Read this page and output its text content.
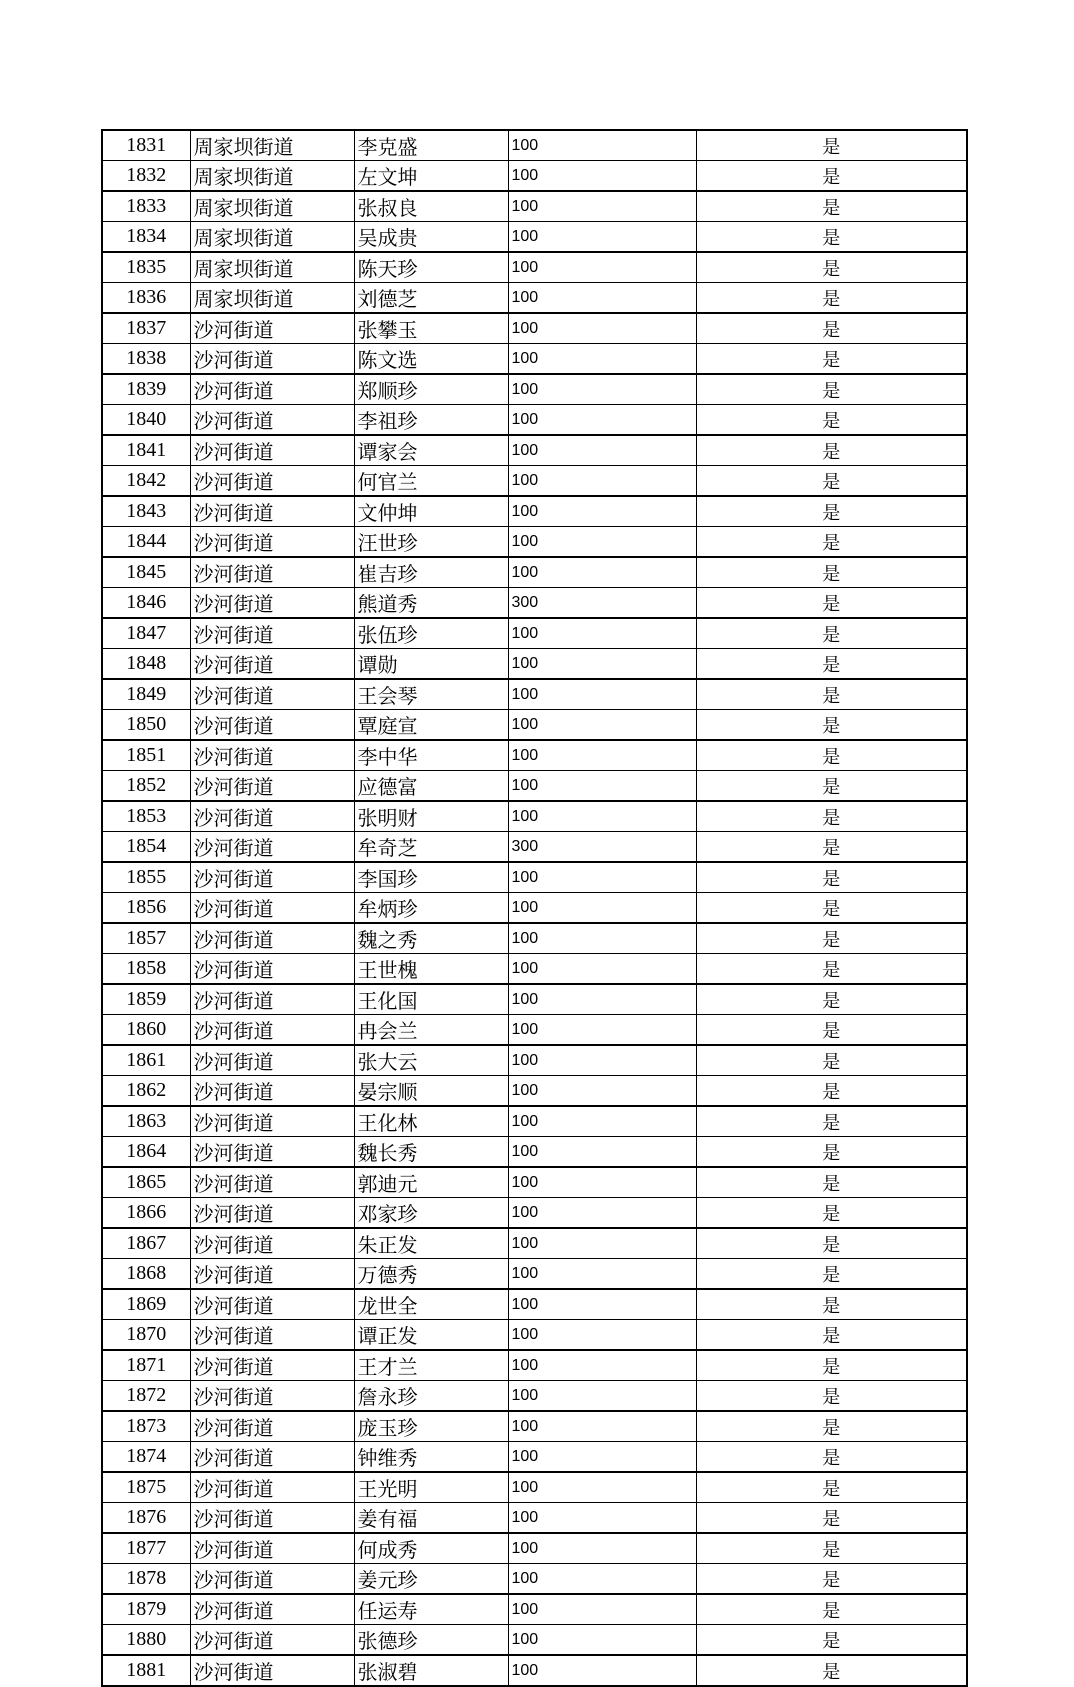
1831	周家坝街道	李克盛	100	是
1832	周家坝街道	左文坤	100	是
1833	周家坝街道	张叔良	100	是
1834	周家坝街道	吴成贵	100	是
1835	周家坝街道	陈天珍	100	是
1836	周家坝街道	刘德芝	100	是
1837	沙河街道	张攀玉	100	是
1838	沙河街道	陈文选	100	是
1839	沙河街道	郑顺珍	100	是
1840	沙河街道	李祖珍	100	是
1841	沙河街道	谭家会	100	是
1842	沙河街道	何官兰	100	是
1843	沙河街道	文仲坤	100	是
1844	沙河街道	汪世珍	100	是
1845	沙河街道	崔吉珍	100	是
1846	沙河街道	熊道秀	300	是
1847	沙河街道	张伍珍	100	是
1848	沙河街道	谭勋	100	是
1849	沙河街道	王会琴	100	是
1850	沙河街道	覃庭宣	100	是
1851	沙河街道	李中华	100	是
1852	沙河街道	应德富	100	是
1853	沙河街道	张明财	100	是
1854	沙河街道	牟奇芝	300	是
1855	沙河街道	李国珍	100	是
1856	沙河街道	牟炳珍	100	是
1857	沙河街道	魏之秀	100	是
1858	沙河街道	王世槐	100	是
1859	沙河街道	王化国	100	是
1860	沙河街道	冉会兰	100	是
1861	沙河街道	张大云	100	是
1862	沙河街道	晏宗顺	100	是
1863	沙河街道	王化林	100	是
1864	沙河街道	魏长秀	100	是
1865	沙河街道	郭迪元	100	是
1866	沙河街道	邓家珍	100	是
1867	沙河街道	朱正发	100	是
1868	沙河街道	万德秀	100	是
1869	沙河街道	龙世全	100	是
1870	沙河街道	谭正发	100	是
1871	沙河街道	王才兰	100	是
1872	沙河街道	詹永珍	100	是
1873	沙河街道	庞玉珍	100	是
1874	沙河街道	钟维秀	100	是
1875	沙河街道	王光明	100	是
1876	沙河街道	姜有福	100	是
1877	沙河街道	何成秀	100	是
1878	沙河街道	姜元珍	100	是
1879	沙河街道	任运寿	100	是
1880	沙河街道	张德珍	100	是
1881	沙河街道	张淑碧	100	是
